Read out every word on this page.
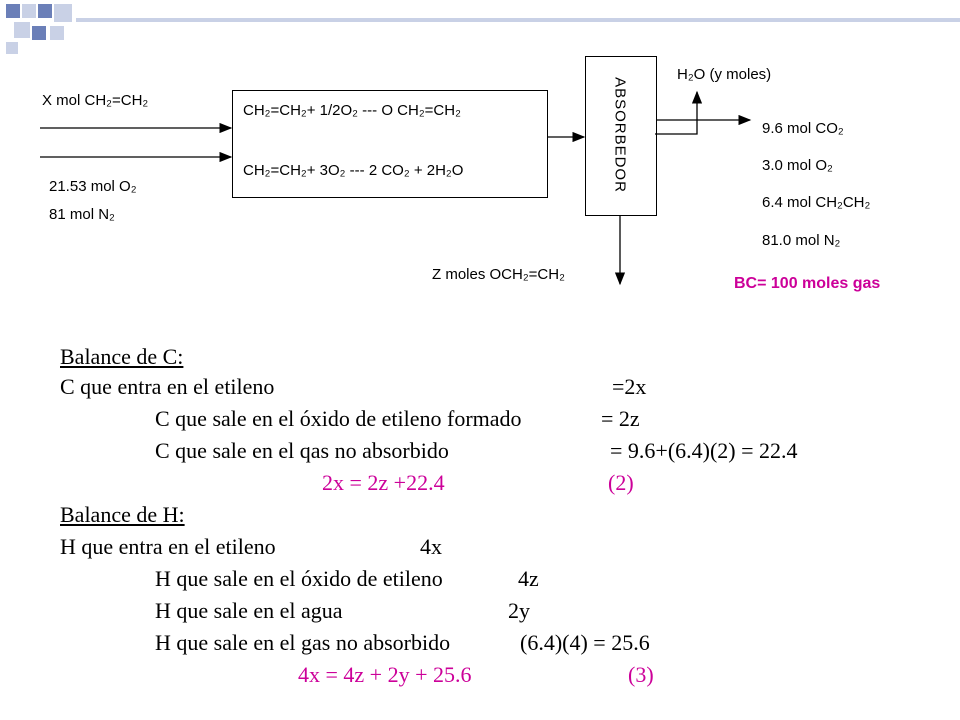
X mol CH₂=CH₂
21.53 mol O₂
81 mol N₂
CH₂=CH₂+ 1/2O₂ --- O CH₂=CH₂
CH₂=CH₂+ 3O₂ --- 2 CO₂ + 2H₂O	ABSORBEDOR
H₂O (y moles)
9.6 mol CO₂
3.0 mol O₂
6.4 mol CH₂CH₂
81.0 mol N₂
Z moles OCH₂=CH₂
BC= 100 moles gas
Balance de C:
C que entra en el etileno	=2x
C que sale en el óxido de etileno formado	= 2z
C que sale en el qas no absorbido	= 9.6+(6.4)(2) = 22.4
2x = 2z +22.4	(2)
Balance de H:
H que entra en el etileno	4x
H que sale en el óxido de etileno	4z
H que sale en el agua	2y
H que sale en el gas no absorbido	(6.4)(4) = 25.6
4x = 4z + 2y + 25.6	(3)
